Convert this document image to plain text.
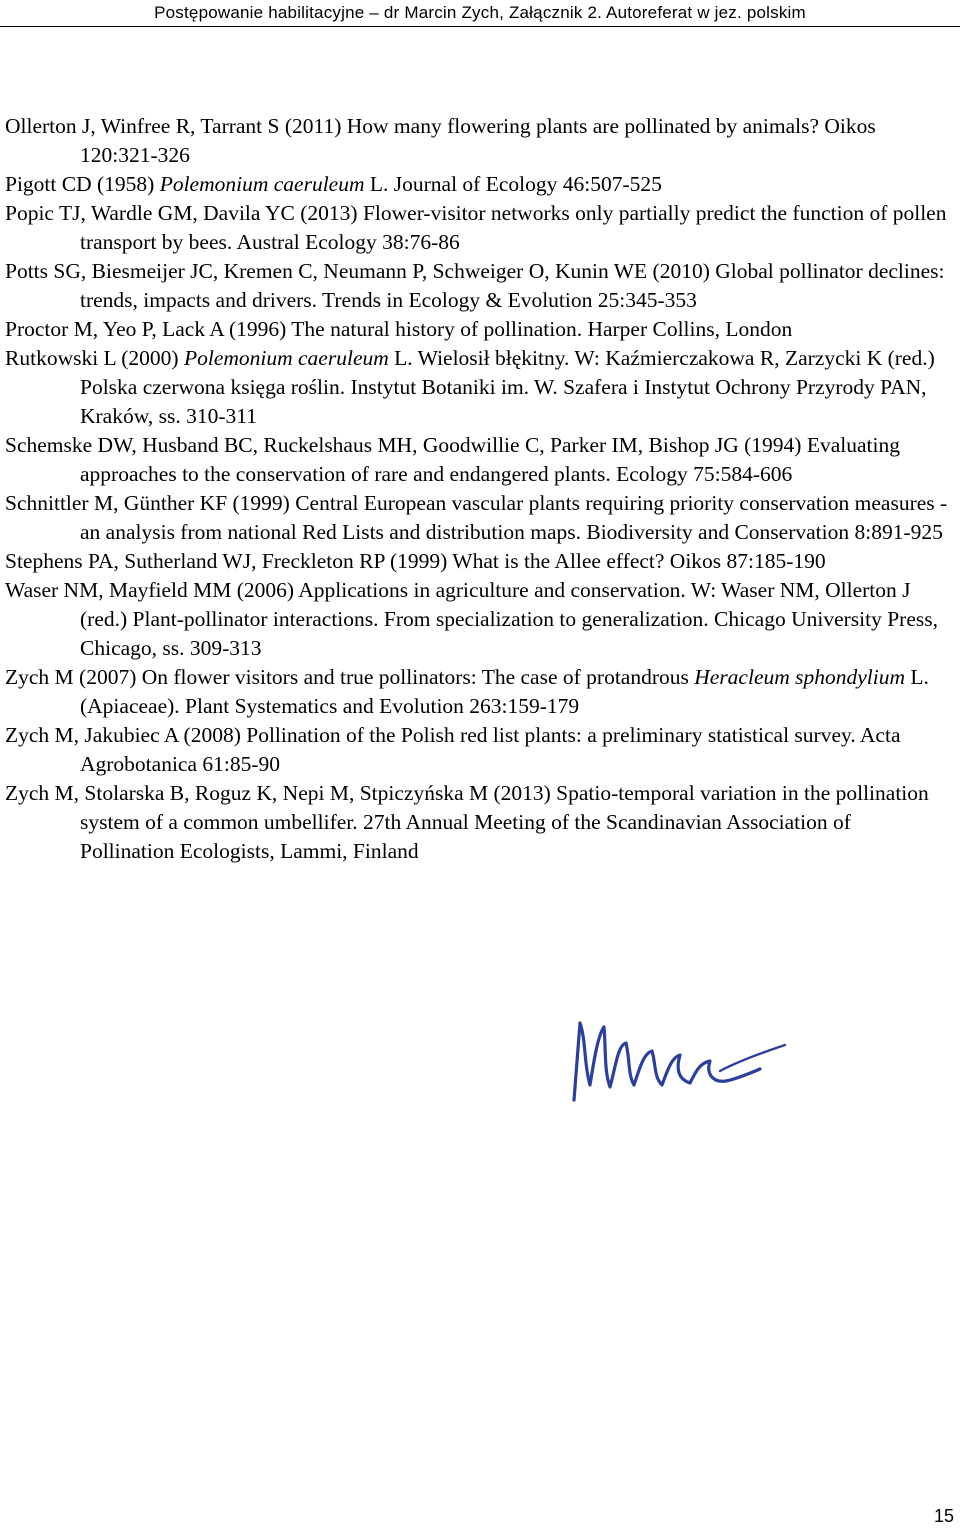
Postępowanie habilitacyjne – dr Marcin Zych, Załącznik 2. Autoreferat w jez. polskim

Ollerton J, Winfree R, Tarrant S (2011) How many flowering plants are pollinated by animals? Oikos 120:321-326

Pigott CD (1958) Polemonium caeruleum L. Journal of Ecology 46:507-525

Popic TJ, Wardle GM, Davila YC (2013) Flower-visitor networks only partially predict the function of pollen transport by bees. Austral Ecology 38:76-86

Potts SG, Biesmeijer JC, Kremen C, Neumann P, Schweiger O, Kunin WE (2010) Global pollinator declines: trends, impacts and drivers. Trends in Ecology & Evolution 25:345-353

Proctor M, Yeo P, Lack A (1996) The natural history of pollination. Harper Collins, London

Rutkowski L (2000) Polemonium caeruleum L. Wielosił błękitny. W: Kaźmierczakowa R, Zarzycki K (red.) Polska czerwona księga roślin. Instytut Botaniki im. W. Szafera i Instytut Ochrony Przyrody PAN, Kraków, ss. 310-311

Schemske DW, Husband BC, Ruckelshaus MH, Goodwillie C, Parker IM, Bishop JG (1994) Evaluating approaches to the conservation of rare and endangered plants. Ecology 75:584-606

Schnittler M, Günther KF (1999) Central European vascular plants requiring priority conservation measures - an analysis from national Red Lists and distribution maps. Biodiversity and Conservation 8:891-925

Stephens PA, Sutherland WJ, Freckleton RP (1999) What is the Allee effect? Oikos 87:185-190

Waser NM, Mayfield MM (2006) Applications in agriculture and conservation. W: Waser NM, Ollerton J (red.) Plant-pollinator interactions. From specialization to generalization. Chicago University Press, Chicago, ss. 309-313

Zych M (2007) On flower visitors and true pollinators: The case of protandrous Heracleum sphondylium L. (Apiaceae). Plant Systematics and Evolution 263:159-179

Zych M, Jakubiec A (2008) Pollination of the Polish red list plants: a preliminary statistical survey. Acta Agrobotanica 61:85-90

Zych M, Stolarska B, Roguz K, Nepi M, Stpiczyńska M (2013) Spatio-temporal variation in the pollination system of a common umbellifer. 27th Annual Meeting of the Scandinavian Association of Pollination Ecologists, Lammi, Finland

15
